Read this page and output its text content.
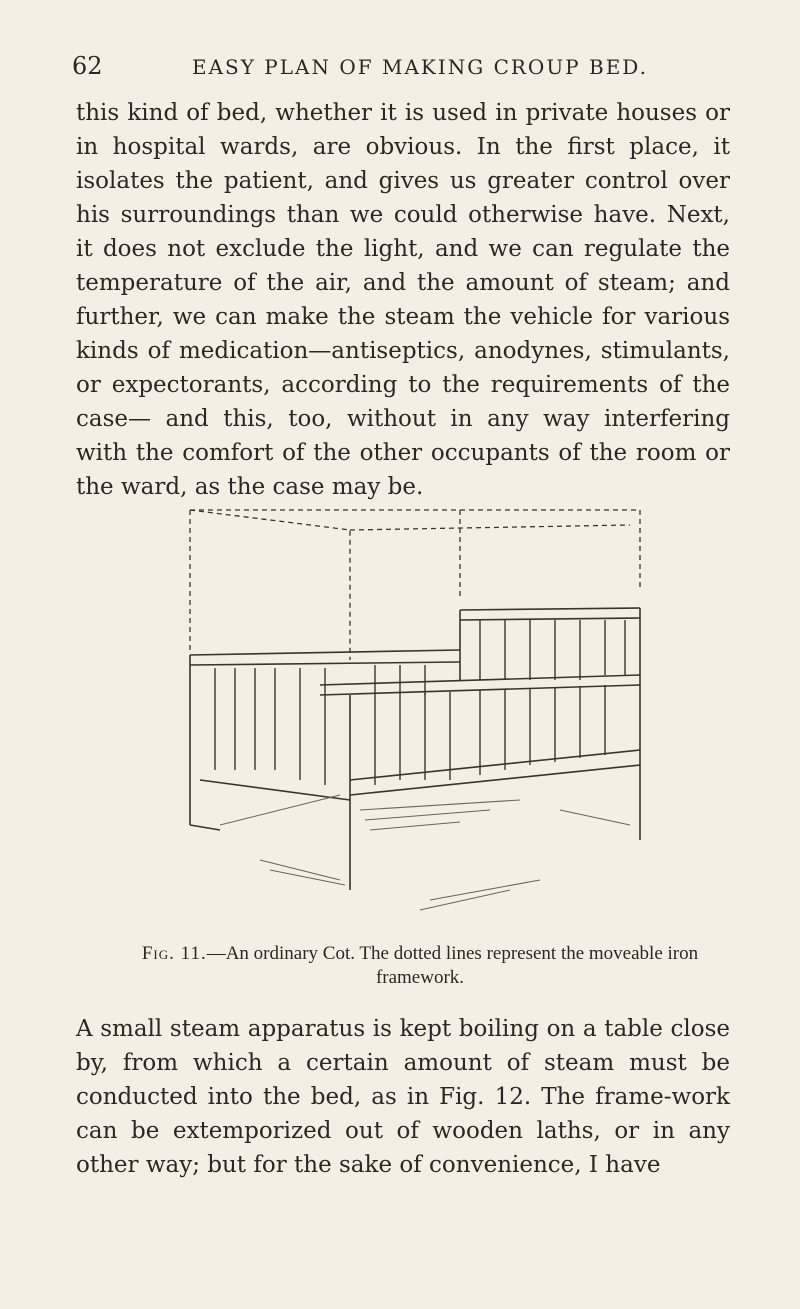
62	EASY PLAN OF MAKING CROUP BED.

this kind of bed, whether it is used in private houses or in hospital wards, are obvious. In the first place, it isolates the patient, and gives us greater control over his surroundings than we could otherwise have. Next, it does not exclude the light, and we can regulate the temperature of the air, and the amount of steam; and further, we can make the steam the vehicle for various kinds of medication—antiseptics, anodynes, stimulants, or expectorants, according to the requirements of the case— and this, too, without in any way interfering with the comfort of the other occupants of the room or the ward, as the case may be.

Fig. 11.—An ordinary Cot. The dotted lines represent the moveable iron framework.

A small steam apparatus is kept boiling on a table close by, from which a certain amount of steam must be conducted into the bed, as in Fig. 12. The frame-work can be extemporized out of wooden laths, or in any other way; but for the sake of convenience, I have
